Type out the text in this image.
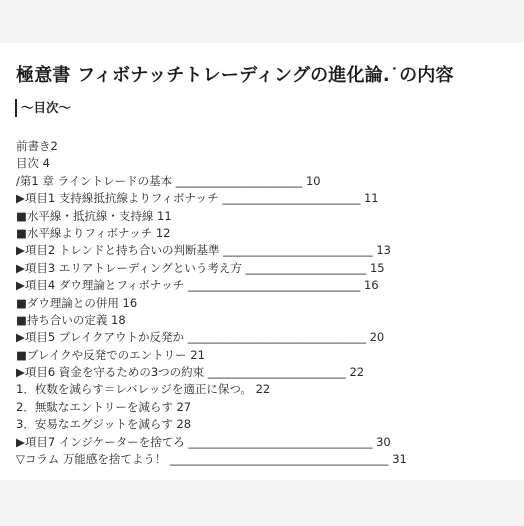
極意書 フィボナッチトレーディングの進化論.˙の内容
～目次～
前書き2
目次 4
/第1 章 ライントレードの基本 ______________________ 10
▶項目1 支持線抵抗線よりフィボナッチ ________________________ 11
■水平線・抵抗線・支持線 11
■水平線よりフィボナッチ 12
▶項目2 トレンドと持ち合いの判断基準 __________________________ 13
▶項目3 エリアトレーディングという考え方 _____________________ 15
▶項目4 ダウ理論とフィボナッチ ______________________________ 16
■ダウ理論との併用 16
■持ち合いの定義 18
▶項目5 ブレイクアウトか反発か _______________________________ 20
■ブレイクや反発でのエントリー 21
▶項目6 資金を守るための3つの約束 ________________________ 22
1．枚数を減らす＝レバレッジを適正に保つ。 22
2．無駄なエントリーを減らす 27
3．安易なエグジットを減らす 28
▶項目7 インジケーターを捨てろ ________________________________ 30
▽コラム 万能感を捨てよう！ ______________________________________ 31
